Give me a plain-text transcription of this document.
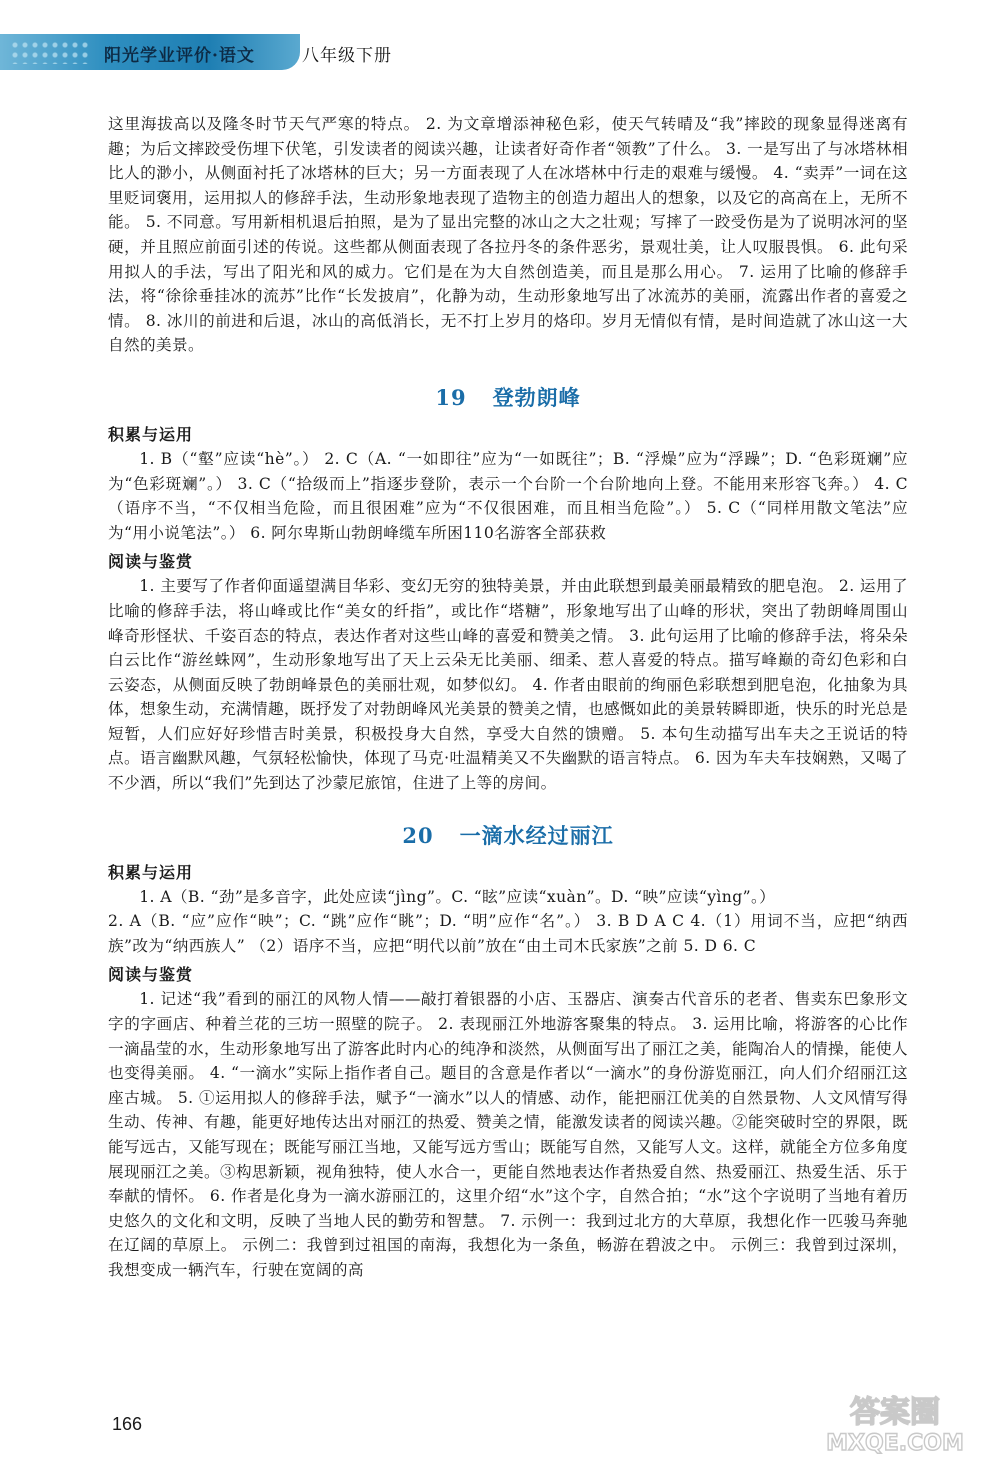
阳光学业评价·语文	八年级下册

这里海拔高以及隆冬时节天气严寒的特点。 2. 为文章增添神秘色彩，使天气转晴及“我”摔跤的现象显得迷离有趣；为后文摔跤受伤埋下伏笔，引发读者的阅读兴趣，让读者好奇作者“领教”了什么。 3. 一是写出了与冰塔林相比人的渺小，从侧面衬托了冰塔林的巨大；另一方面表现了人在冰塔林中行走的艰难与缓慢。 4. “卖弄”一词在这里贬词褒用，运用拟人的修辞手法，生动形象地表现了造物主的创造力超出人的想象，以及它的高高在上，无所不能。 5. 不同意。写用新相机退后拍照，是为了显出完整的冰山之大之壮观；写摔了一跤受伤是为了说明冰河的坚硬，并且照应前面引述的传说。这些都从侧面表现了各拉丹冬的条件恶劣，景观壮美，让人叹服畏惧。 6. 此句采用拟人的手法，写出了阳光和风的威力。它们是在为大自然创造美，而且是那么用心。 7. 运用了比喻的修辞手法，将“徐徐垂挂冰的流苏”比作“长发披肩”，化静为动，生动形象地写出了冰流苏的美丽，流露出作者的喜爱之情。 8. 冰川的前进和后退，冰山的高低消长，无不打上岁月的烙印。岁月无情似有情，是时间造就了冰山这一大自然的美景。

19 登勃朗峰
积累与运用

1. B（“壑”应读“hè”。） 2. C（A. “一如即往”应为“一如既往”；B. “浮燥”应为“浮躁”；D. “色彩斑斓”应为“色彩斑斓”。） 3. C（“拾级而上”指逐步登阶，表示一个台阶一个台阶地向上登。不能用来形容飞奔。） 4. C（语序不当，“不仅相当危险，而且很困难”应为“不仅很困难，而且相当危险”。） 5. C（“同样用散文笔法”应为“用小说笔法”。） 6. 阿尔卑斯山勃朗峰缆车所困110名游客全部获救

阅读与鉴赏

1. 主要写了作者仰面遥望满目华彩、变幻无穷的独特美景，并由此联想到最美丽最精致的肥皂泡。 2. 运用了比喻的修辞手法，将山峰或比作“美女的纤指”，或比作“塔糖”，形象地写出了山峰的形状，突出了勃朗峰周围山峰奇形怪状、千姿百态的特点，表达作者对这些山峰的喜爱和赞美之情。 3. 此句运用了比喻的修辞手法，将朵朵白云比作“游丝蛛网”，生动形象地写出了天上云朵无比美丽、细柔、惹人喜爱的特点。描写峰巅的奇幻色彩和白云姿态，从侧面反映了勃朗峰景色的美丽壮观，如梦似幻。 4. 作者由眼前的绚丽色彩联想到肥皂泡，化抽象为具体，想象生动，充满情趣，既抒发了对勃朗峰风光美景的赞美之情，也感慨如此的美景转瞬即逝，快乐的时光总是短暂，人们应好好珍惜吉时美景，积极投身大自然，享受大自然的馈赠。 5. 本句生动描写出车夫之王说话的特点。语言幽默风趣，气氛轻松愉快，体现了马克·吐温精美又不失幽默的语言特点。 6. 因为车夫车技娴熟，又喝了不少酒，所以“我们”先到达了沙蒙尼旅馆，住进了上等的房间。

20 一滴水经过丽江
积累与运用

1. A（B. “劲”是多音字，此处应读“jìng”。C. “眩”应读“xuàn”。D. “映”应读“yìng”。）

2. A（B. “应”应作“映”；C. “跳”应作“眺”；D. “明”应作“名”。） 3. B D A C 4.（1）用词不当，应把“纳西族”改为“纳西族人” （2）语序不当，应把“明代以前”放在“由土司木氏家族”之前 5. D 6. C

阅读与鉴赏

1. 记述“我”看到的丽江的风物人情——敲打着银器的小店、玉器店、演奏古代音乐的老者、售卖东巴象形文字的字画店、种着兰花的三坊一照壁的院子。 2. 表现丽江外地游客聚集的特点。 3. 运用比喻，将游客的心比作一滴晶莹的水，生动形象地写出了游客此时内心的纯净和淡然，从侧面写出了丽江之美，能陶冶人的情操，能使人也变得美丽。 4. “一滴水”实际上指作者自己。题目的含意是作者以“一滴水”的身份游览丽江，向人们介绍丽江这座古城。 5. ①运用拟人的修辞手法，赋予“一滴水”以人的情感、动作，能把丽江优美的自然景物、人文风情写得生动、传神、有趣，能更好地传达出对丽江的热爱、赞美之情，能激发读者的阅读兴趣。②能突破时空的界限，既能写远古，又能写现在；既能写丽江当地，又能写远方雪山；既能写自然，又能写人文。这样，就能全方位多角度展现丽江之美。③构思新颖，视角独特，使人水合一，更能自然地表达作者热爱自然、热爱丽江、热爱生活、乐于奉献的情怀。 6. 作者是化身为一滴水游丽江的，这里介绍“水”这个字，自然合拍；“水”这个字说明了当地有着历史悠久的文化和文明，反映了当地人民的勤劳和智慧。 7. 示例一：我到过北方的大草原，我想化作一匹骏马奔驰在辽阔的草原上。 示例二：我曾到过祖国的南海，我想化为一条鱼，畅游在碧波之中。 示例三：我曾到过深圳，我想变成一辆汽车，行驶在宽阔的高

166	答案圈
MXQE.COM
